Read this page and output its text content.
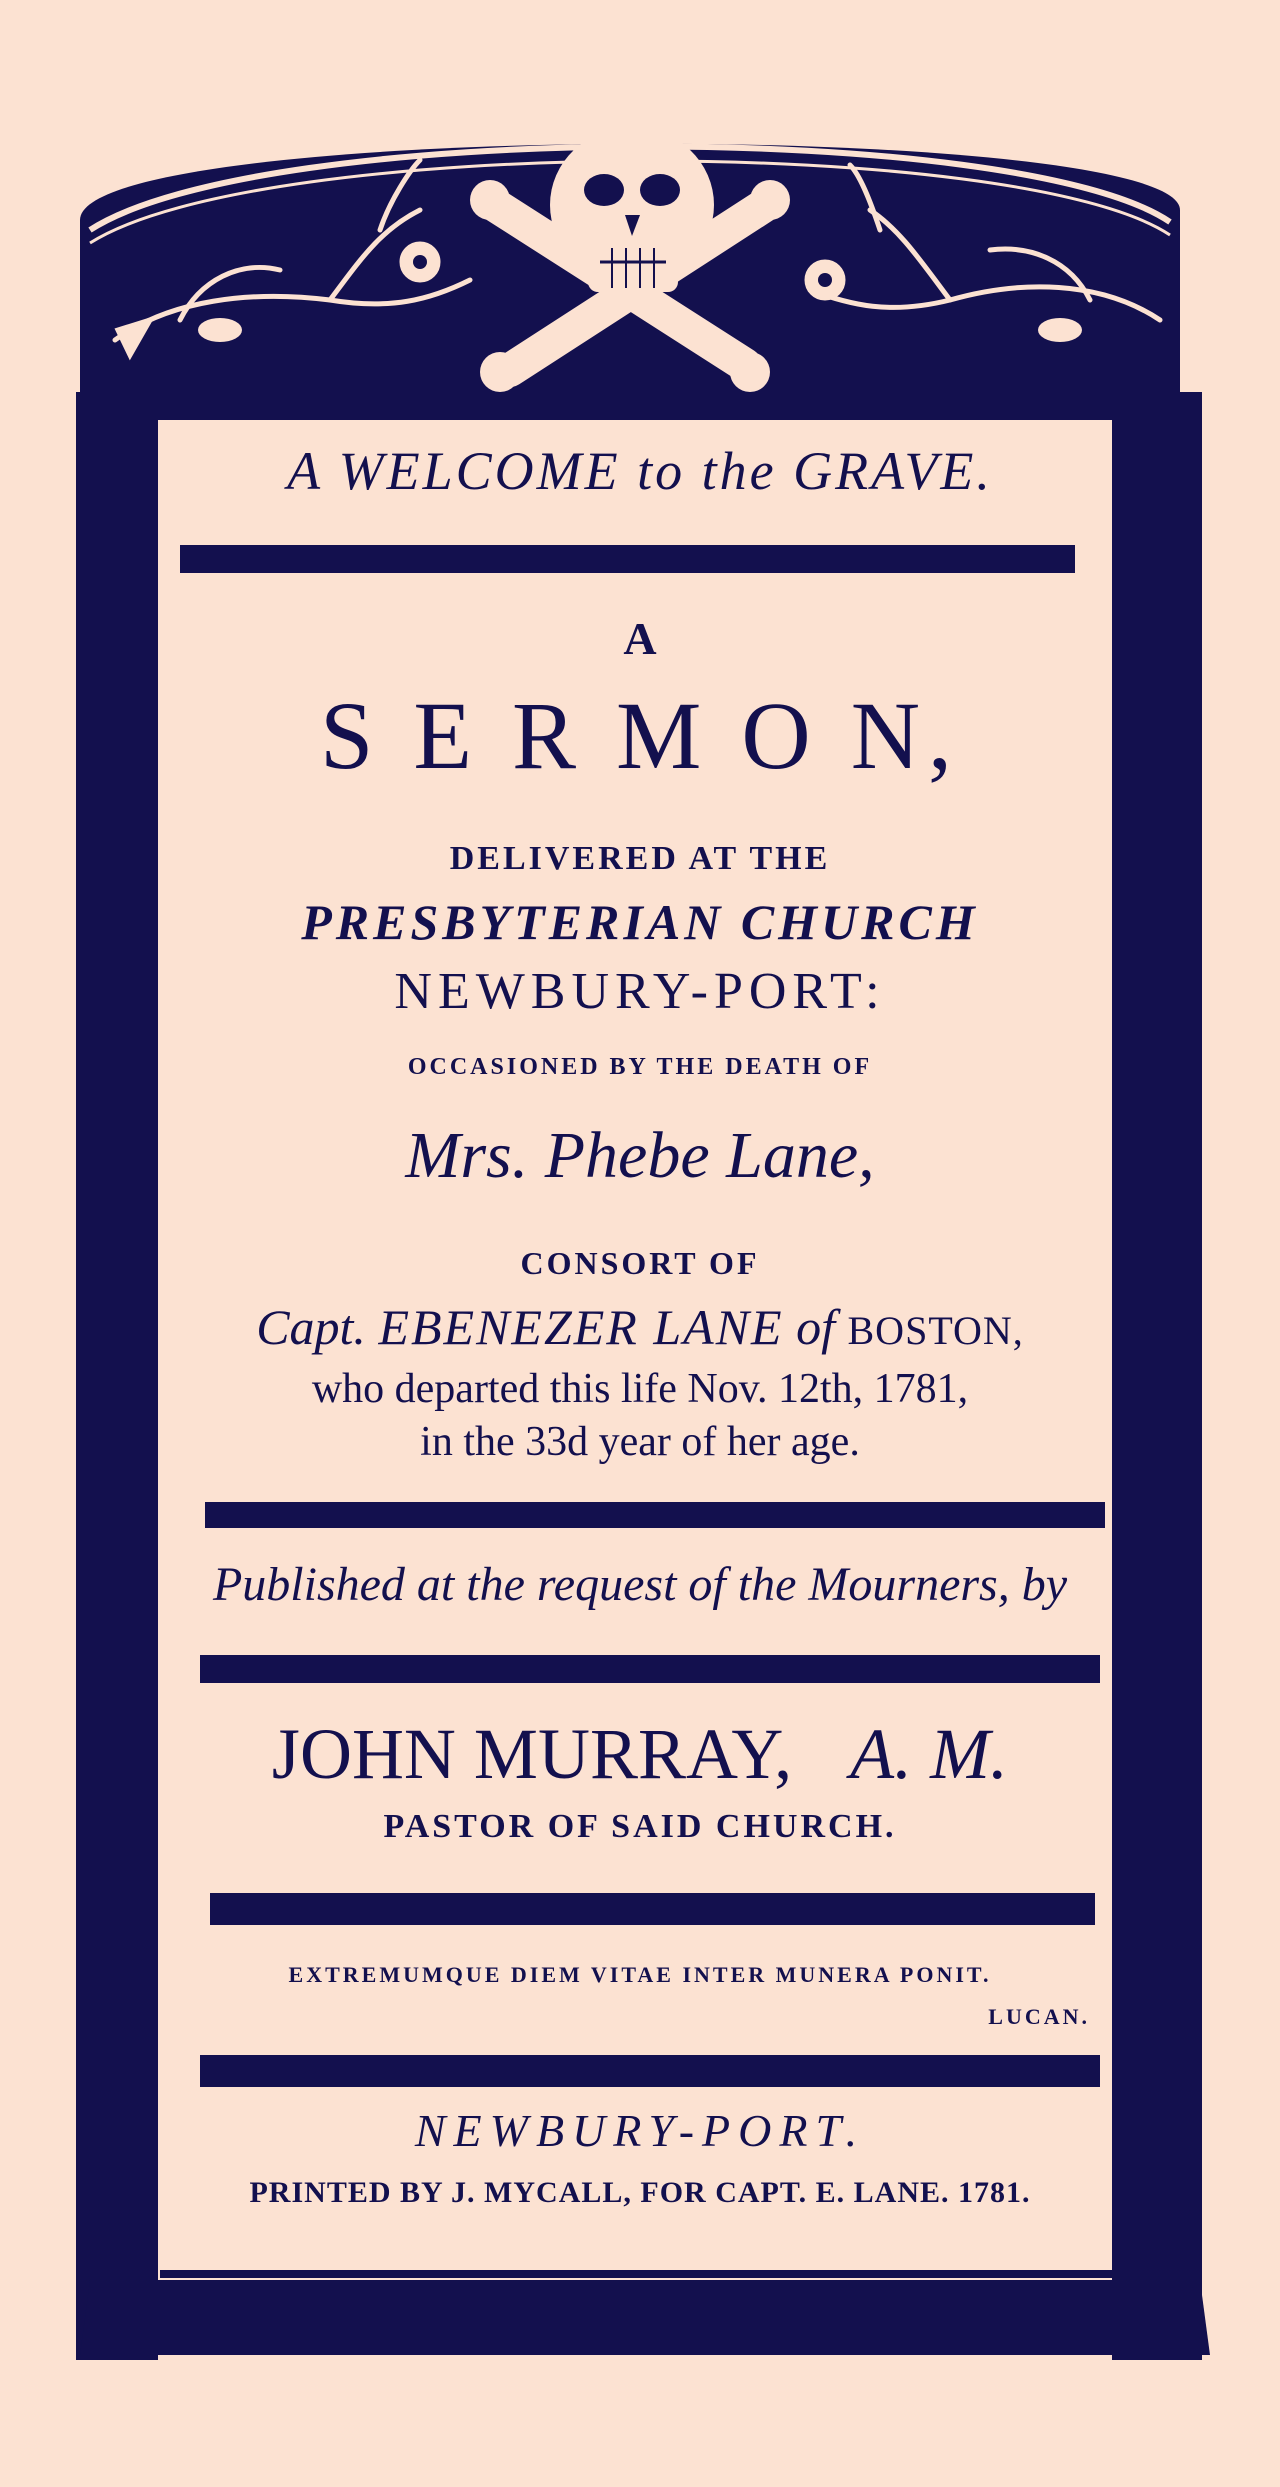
A WELCOME to the GRAVE.

A

S E R M O N,

DELIVERED AT THE

PRESBYTERIAN CHURCH

NEWBURY-PORT:

OCCASIONED BY THE DEATH OF

Mrs. Phebe Lane,

CONSORT OF

Capt. EBENEZER LANE of BOSTON,

who departed this life Nov. 12th, 1781,

in the 33d year of her age.

Published at the request of the Mourners, by

JOHN MURRAY, A. M.

PASTOR OF SAID CHURCH.

EXTREMUMQUE DIEM VITAE INTER MUNERA PONIT.

LUCAN.

NEWBURY-PORT.

PRINTED BY J. MYCALL, FOR CAPT. E. LANE. 1781.
